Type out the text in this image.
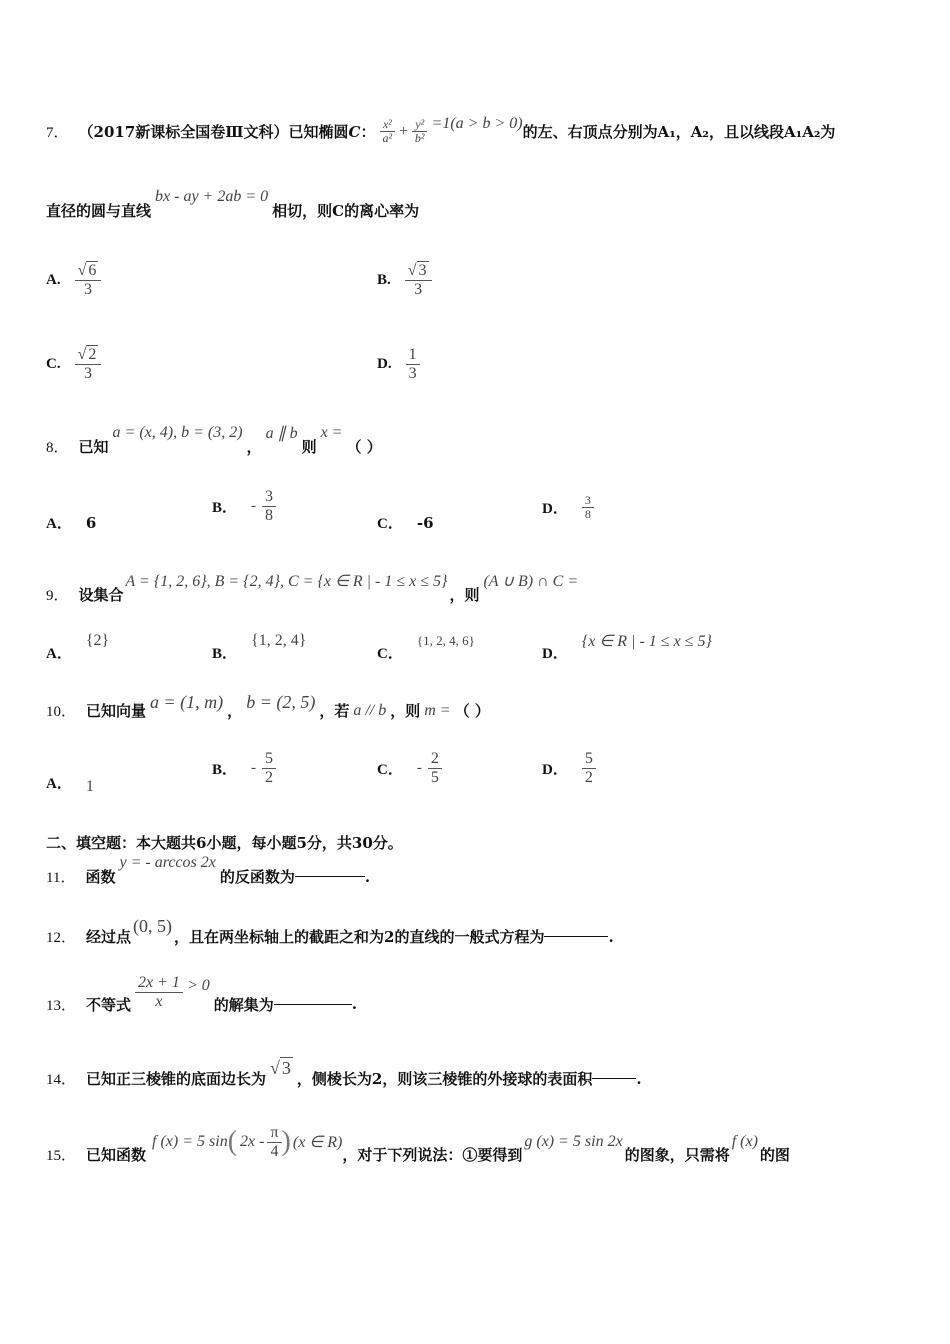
7． （2017新课标全国卷Ⅲ文科）已知椭圆 C ： $\frac{\text{x²}}{\text{a²}} + \frac{\text{y²}}{\text{b²}} =1(a > b > 0)$ 的左、右顶点分别为A₁，A₂，且以线段A₁A₂为
直径的圆与直线
bx - ay + 2ab = 0
相切，则C的离心率为
A. $\frac{√ 6}{3}$	B. $\frac{√ 3}{3}$
C. $\frac{√ 2}{3}$	D. $\frac{1}{3}$
8． 已知
a = (x, 4), b = (3, 2)
，
a ∥ b
则
x =
（ ）
A． 6
B． - $\frac{3}{8}$	C． -6
D． $\frac{3}{8}$
9． 设集合
A = {1, 2, 6}, B = {2, 4}, C = {x ∈ R | - 1 ≤ x ≤ 5}
，则
(A ∪ B) ∩ C =
A．
{2}
B．
{1, 2, 4}
C．
{1, 2, 4, 6}
D．
{x ∈ R | - 1 ≤ x ≤ 5}
10． 已知向量 a = (1, m) ， b = (2, 5) ，若 a // b ，则 m = （ ）
A． 1
B． - $\frac{5}{2}$	C． - $\frac{2}{5}$	D． $\frac{5}{2}$
二、填空题：本大题共6小题，每小题5分，共30分。
11． 函数
y = - arccos 2x
的反函数为	.
12． 经过点
(0, 5)
，且在两坐标轴上的截距之和为2的直线的一般式方程为	.
13． 不等式 $\frac{2x + 1}{x} > 0$
的解集为	.
14． 已知正三棱锥的底面边长为
√ 3
，侧棱长为2，则该三棱锥的外接球的表面积	.
15． 已知函数
f (x) = 5 sin ( $2x - \frac{\pi}{4}$ ) (x ∈ R)
，对于下列说法：①要得到
g (x) = 5 sin 2x
的图象，只需将
f (x)
的图
